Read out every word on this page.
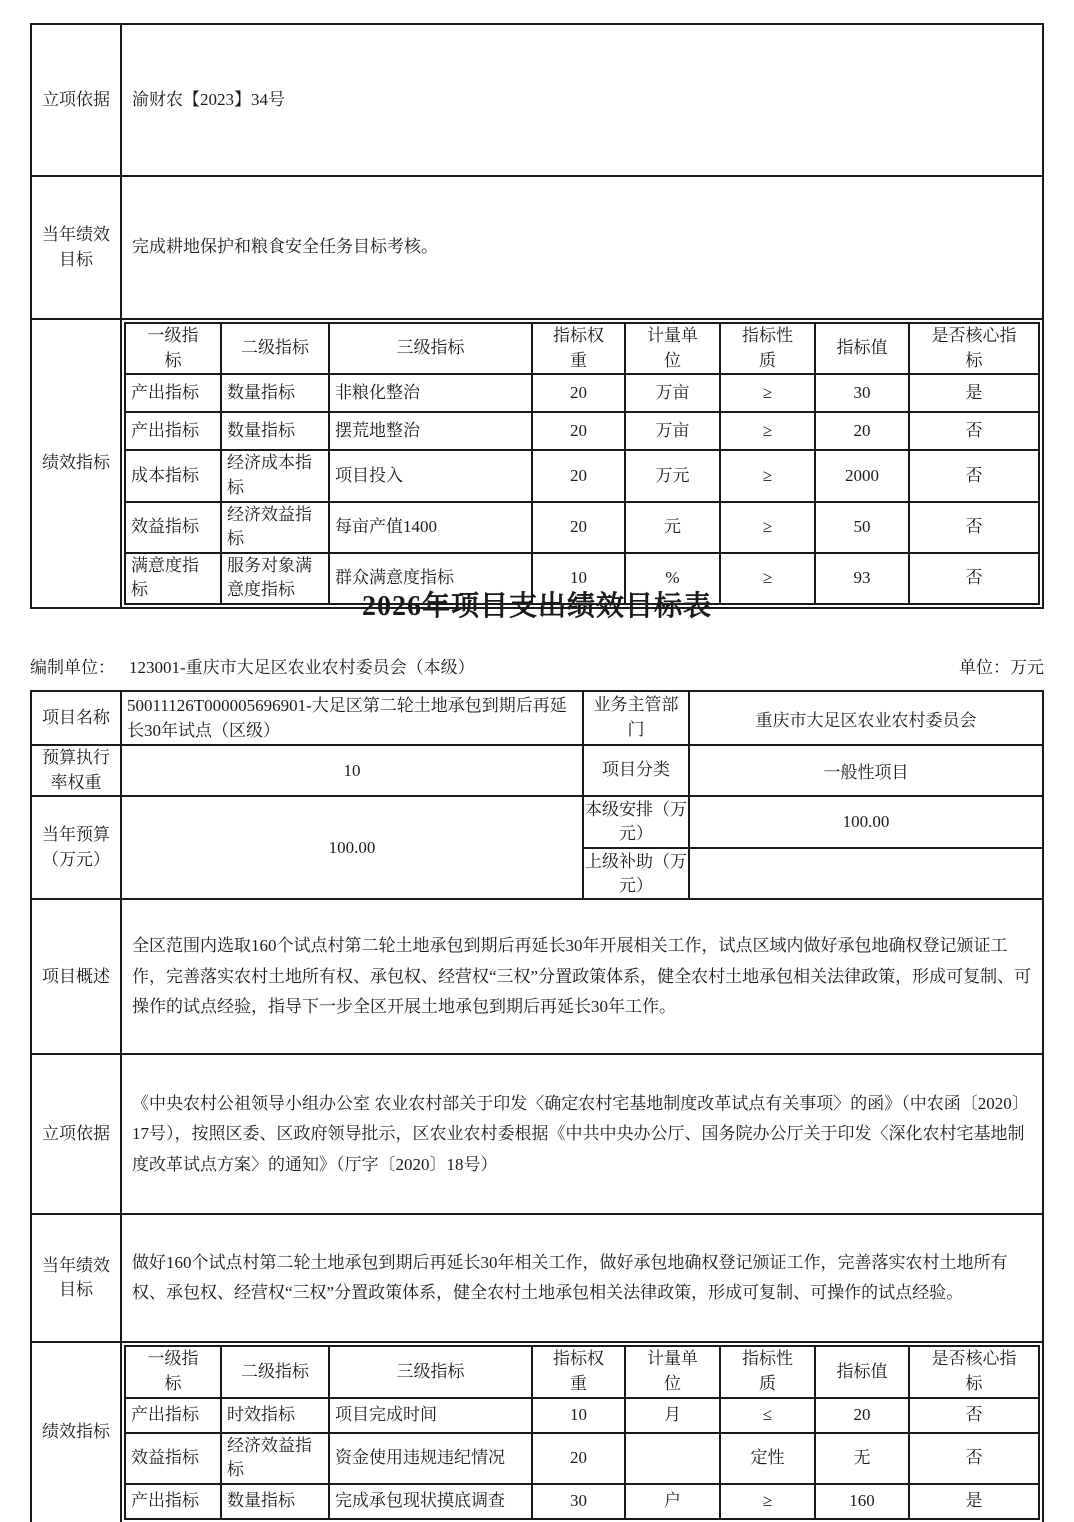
立项依据	渝财农【2023】34号
当年绩效目标	完成耕地保护和粮食安全任务目标考核。
绩效指标	
一级指标	二级指标	三级指标	指标权重	计量单位	指标性质	指标值	是否核心指标
产出指标	数量指标	非粮化整治	20	万亩	≥	30	是
产出指标	数量指标	摆荒地整治	20	万亩	≥	20	否
成本指标	经济成本指标	项目投入	20	万元	≥	2000	否
效益指标	经济效益指标	每亩产值1400	20	元	≥	50	否
满意度指标	服务对象满意度指标	群众满意度指标	10	%	≥	93	否
2026年项目支出绩效目标表
编制单位： 123001-重庆市大足区农业农村委员会（本级）	单位：万元
项目名称	50011126T000005696901-大足区第二轮土地承包到期后再延长30年试点（区级）	业务主管部门	重庆市大足区农业农村委员会
预算执行率权重	10	项目分类	一般性项目
当年预算（万元）	100.00	
本级安排（万元）	100.00
上级补助（万元）	

项目概述	全区范围内选取160个试点村第二轮土地承包到期后再延长30年开展相关工作，试点区域内做好承包地确权登记颁证工作，完善落实农村土地所有权、承包权、经营权“三权”分置政策体系，健全农村土地承包相关法律政策，形成可复制、可操作的试点经验，指导下一步全区开展土地承包到期后再延长30年工作。
立项依据	《中央农村公祖领导小组办公室 农业农村部关于印发〈确定农村宅基地制度改革试点有关事项〉的函》（中农函〔2020〕17号），按照区委、区政府领导批示，区农业农村委根据《中共中央办公厅、国务院办公厅关于印发〈深化农村宅基地制度改革试点方案〉的通知》（厅字〔2020〕18号）
当年绩效目标	做好160个试点村第二轮土地承包到期后再延长30年相关工作，做好承包地确权登记颁证工作，完善落实农村土地所有权、承包权、经营权“三权”分置政策体系，健全农村土地承包相关法律政策，形成可复制、可操作的试点经验。
绩效指标	
一级指标	二级指标	三级指标	指标权重	计量单位	指标性质	指标值	是否核心指标
产出指标	时效指标	项目完成时间	10	月	≤	20	否
效益指标	经济效益指标	资金使用违规违纪情况	20		定性	无	否
产出指标	数量指标	完成承包现状摸底调查	30	户	≥	160	是
